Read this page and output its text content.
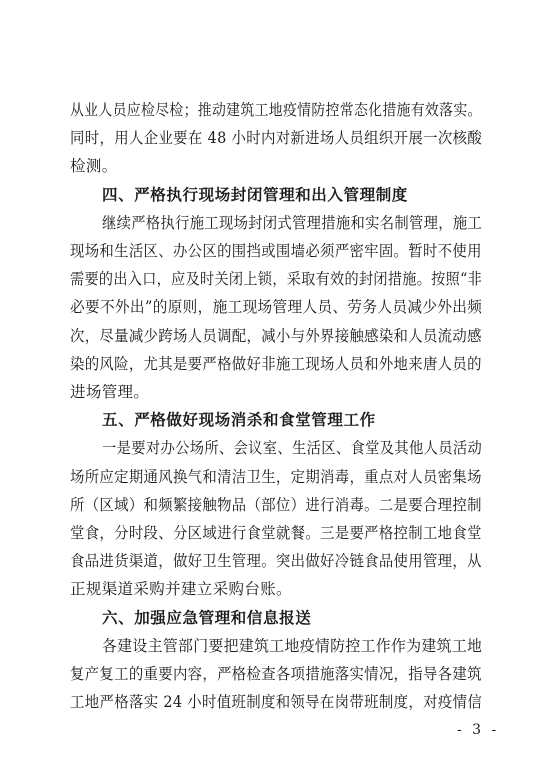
从业人员应检尽检；推动建筑工地疫情防控常态化措施有效落实。
同时，用人企业要在 48 小时内对新进场人员组织开展一次核酸
检测。
四、严格执行现场封闭管理和出入管理制度
继续严格执行施工现场封闭式管理措施和实名制管理，施工
现场和生活区、办公区的围挡或围墙必须严密牢固。暂时不使用
需要的出入口，应及时关闭上锁，采取有效的封闭措施。按照“非
必要不外出”的原则，施工现场管理人员、劳务人员减少外出频
次，尽量减少跨场人员调配，减小与外界接触感染和人员流动感
染的风险，尤其是要严格做好非施工现场人员和外地来唐人员的
进场管理。
五、严格做好现场消杀和食堂管理工作
一是要对办公场所、会议室、生活区、食堂及其他人员活动
场所应定期通风换气和清洁卫生，定期消毒，重点对人员密集场
所（区域）和频繁接触物品（部位）进行消毒。二是要合理控制
堂食，分时段、分区域进行食堂就餐。三是要严格控制工地食堂
食品进货渠道，做好卫生管理。突出做好冷链食品使用管理，从
正规渠道采购并建立采购台账。
六、加强应急管理和信息报送
各建设主管部门要把建筑工地疫情防控工作作为建筑工地
复产复工的重要内容，严格检查各项措施落实情况，指导各建筑
工地严格落实 24 小时值班制度和领导在岗带班制度，对疫情信
- 3 -
